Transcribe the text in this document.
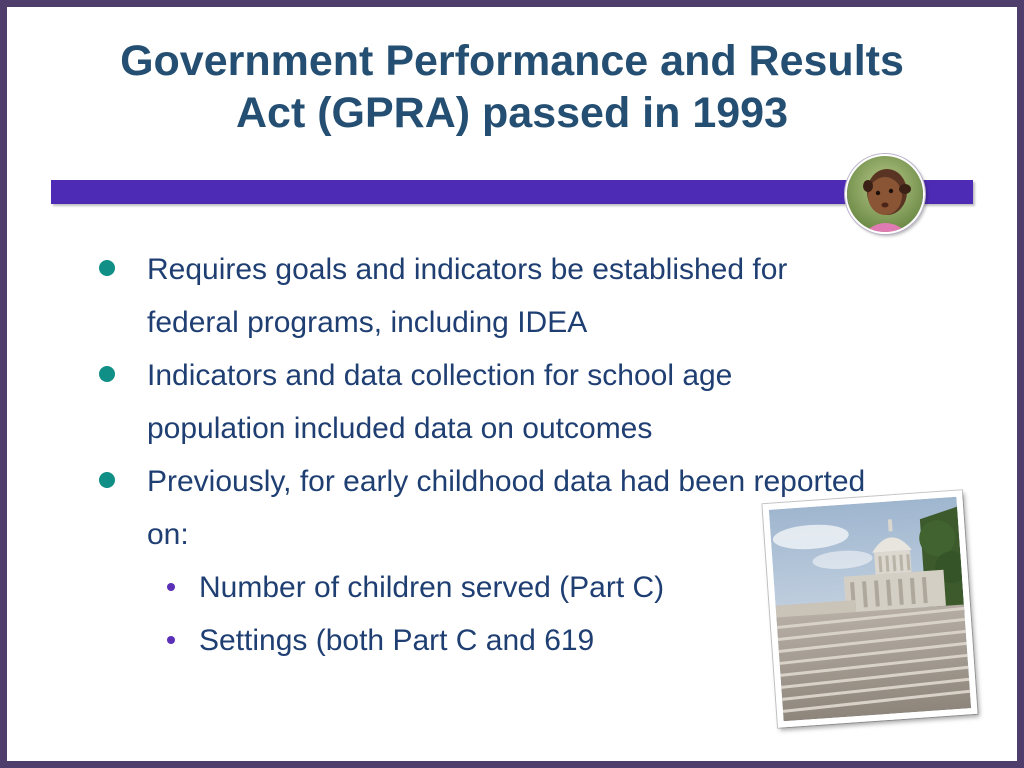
Government Performance and Results
Act (GPRA) passed in 1993
Requires goals and indicators be established for federal programs, including IDEA
Indicators and data collection for school age population included data on outcomes
Previously, for early childhood data had been reported on:
Number of children served (Part C)
Settings (both Part C and 619
